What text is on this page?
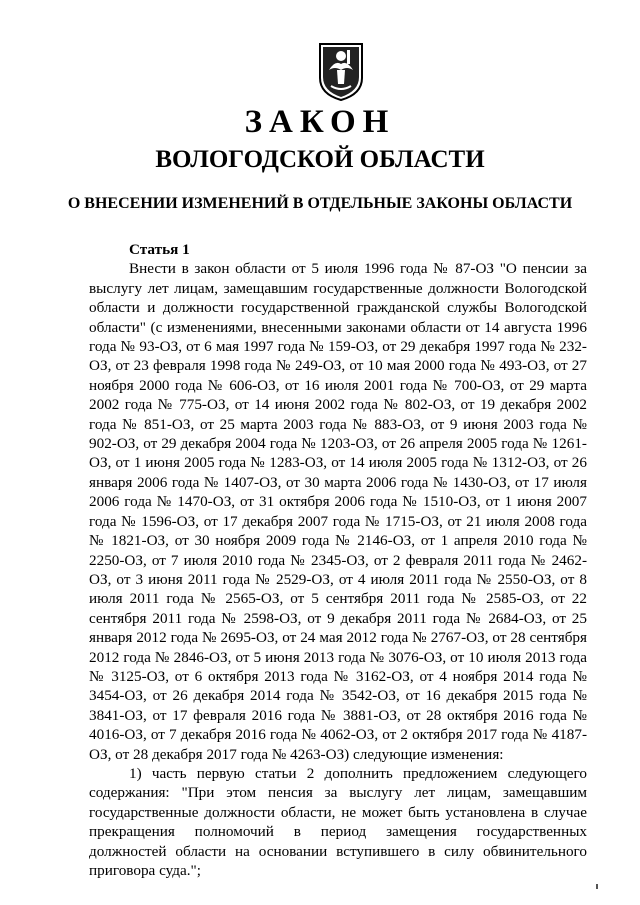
ЗАКОН
ВОЛОГОДСКОЙ ОБЛАСТИ
О ВНЕСЕНИИ ИЗМЕНЕНИЙ В ОТДЕЛЬНЫЕ ЗАКОНЫ ОБЛАСТИ

Статья 1

Внести в закон области от 5 июля 1996 года № 87-ОЗ "О пенсии за выслугу лет лицам, замещавшим государственные должности Вологодской области и должности государственной гражданской службы Вологодской области" (с изменениями, внесенными законами области от 14 августа 1996 года № 93-ОЗ, от 6 мая 1997 года № 159-ОЗ, от 29 декабря 1997 года № 232-ОЗ, от 23 февраля 1998 года № 249-ОЗ, от 10 мая 2000 года № 493-ОЗ, от 27 ноября 2000 года № 606-ОЗ, от 16 июля 2001 года № 700-ОЗ, от 29 марта 2002 года № 775-ОЗ, от 14 июня 2002 года № 802-ОЗ, от 19 декабря 2002 года № 851-ОЗ, от 25 марта 2003 года № 883-ОЗ, от 9 июня 2003 года № 902-ОЗ, от 29 декабря 2004 года № 1203-ОЗ, от 26 апреля 2005 года № 1261-ОЗ, от 1 июня 2005 года № 1283-ОЗ, от 14 июля 2005 года № 1312-ОЗ, от 26 января 2006 года № 1407-ОЗ, от 30 марта 2006 года № 1430-ОЗ, от 17 июля 2006 года № 1470-ОЗ, от 31 октября 2006 года № 1510-ОЗ, от 1 июня 2007 года № 1596-ОЗ, от 17 декабря 2007 года № 1715-ОЗ, от 21 июля 2008 года № 1821-ОЗ, от 30 ноября 2009 года № 2146-ОЗ, от 1 апреля 2010 года № 2250-ОЗ, от 7 июля 2010 года № 2345-ОЗ, от 2 февраля 2011 года № 2462-ОЗ, от 3 июня 2011 года № 2529-ОЗ, от 4 июля 2011 года № 2550-ОЗ, от 8 июля 2011 года № 2565-ОЗ, от 5 сентября 2011 года № 2585-ОЗ, от 22 сентября 2011 года № 2598-ОЗ, от 9 декабря 2011 года № 2684-ОЗ, от 25 января 2012 года № 2695-ОЗ, от 24 мая 2012 года № 2767-ОЗ, от 28 сентября 2012 года № 2846-ОЗ, от 5 июня 2013 года № 3076-ОЗ, от 10 июля 2013 года № 3125-ОЗ, от 6 октября 2013 года № 3162-ОЗ, от 4 ноября 2014 года № 3454-ОЗ, от 26 декабря 2014 года № 3542-ОЗ, от 16 декабря 2015 года № 3841-ОЗ, от 17 февраля 2016 года № 3881-ОЗ, от 28 октября 2016 года № 4016-ОЗ, от 7 декабря 2016 года № 4062-ОЗ, от 2 октября 2017 года № 4187-ОЗ, от 28 декабря 2017 года № 4263-ОЗ) следующие изменения:

1) часть первую статьи 2 дополнить предложением следующего содержания: "При этом пенсия за выслугу лет лицам, замещавшим государственные должности области, не может быть установлена в случае прекращения полномочий в период замещения государственных должностей области на основании вступившего в силу обвинительного приговора суда.";
